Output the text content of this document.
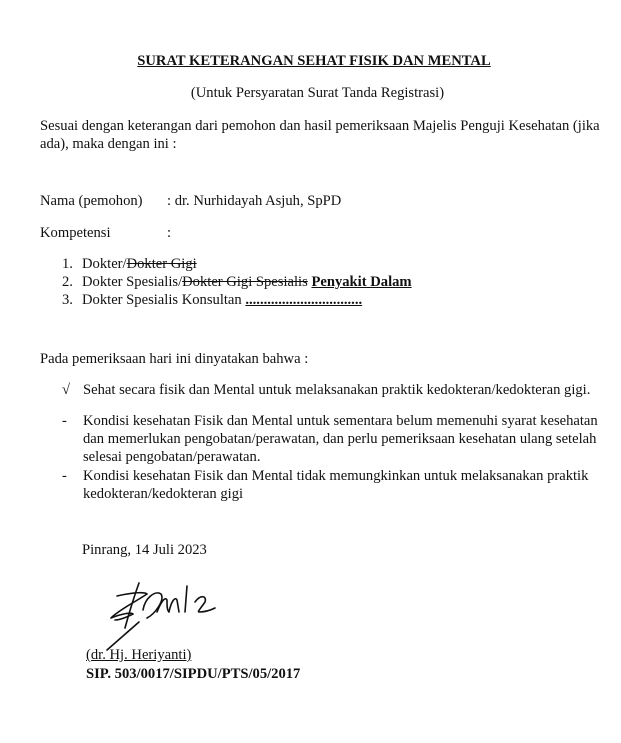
SURAT KETERANGAN SEHAT FISIK DAN MENTAL
(Untuk Persyaratan Surat Tanda Registrasi)
Sesuai dengan keterangan dari pemohon dan hasil pemeriksaan Majelis Penguji Kesehatan (jika ada), maka dengan ini :
Nama (pemohon) : dr. Nurhidayah Asjuh, SpPD
Kompetensi	:
1. Dokter/Dokter Gigi
2. Dokter Spesialis/Dokter Gigi Spesialis Penyakit Dalam
3. Dokter Spesialis Konsultan ................................
Pada pemeriksaan hari ini dinyatakan bahwa :
√ Sehat secara fisik dan Mental untuk melaksanakan praktik kedokteran/kedokteran gigi.
-	Kondisi kesehatan Fisik dan Mental untuk sementara belum memenuhi syarat kesehatan dan memerlukan pengobatan/perawatan, dan perlu pemeriksaan kesehatan ulang setelah selesai pengobatan/perawatan.
-	Kondisi kesehatan Fisik dan Mental tidak memungkinkan untuk melaksanakan praktik kedokteran/kedokteran gigi
Pinrang, 14 Juli 2023
(dr. Hj. Heriyanti)
SIP. 503/0017/SIPDU/PTS/05/2017
